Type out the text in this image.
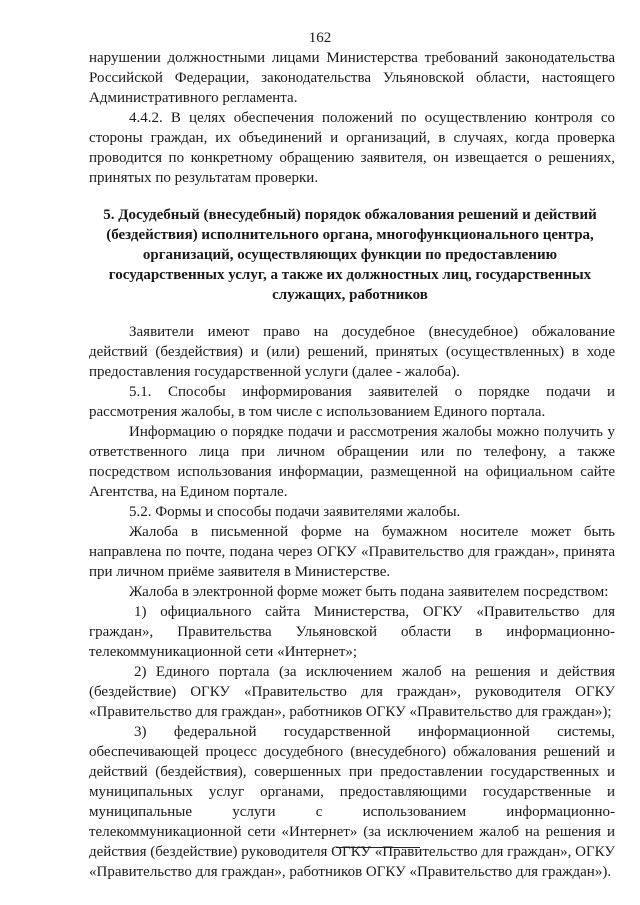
162

нарушении должностными лицами Министерства требований законодательства Российской Федерации, законодательства Ульяновской области, настоящего Административного регламента.

4.4.2. В целях обеспечения положений по осуществлению контроля со стороны граждан, их объединений и организаций, в случаях, когда проверка проводится по конкретному обращению заявителя, он извещается о решениях, принятых по результатам проверки.

5. Досудебный (внесудебный) порядок обжалования решений и действий (бездействия) исполнительного органа, многофункционального центра, организаций, осуществляющих функции по предоставлению государственных услуг, а также их должностных лиц, государственных служащих, работников

Заявители имеют право на досудебное (внесудебное) обжалование действий (бездействия) и (или) решений, принятых (осуществленных) в ходе предоставления государственной услуги (далее - жалоба).

5.1. Способы информирования заявителей о порядке подачи и рассмотрения жалобы, в том числе с использованием Единого портала.

Информацию о порядке подачи и рассмотрения жалобы можно получить у ответственного лица при личном обращении или по телефону, а также посредством использования информации, размещенной на официальном сайте Агентства, на Едином портале.

5.2. Формы и способы подачи заявителями жалобы.

Жалоба в письменной форме на бумажном носителе может быть направлена по почте, подана через ОГКУ «Правительство для граждан», принята при личном приёме заявителя в Министерстве.

Жалоба в электронной форме может быть подана заявителем посредством:

1) официального сайта Министерства, ОГКУ «Правительство для граждан», Правительства Ульяновской области в информационно-телекоммуникационной сети «Интернет»;

2) Единого портала (за исключением жалоб на решения и действия (бездействие) ОГКУ «Правительство для граждан», руководителя ОГКУ «Правительство для граждан», работников ОГКУ «Правительство для граждан»);

3) федеральной государственной информационной системы, обеспечивающей процесс досудебного (внесудебного) обжалования решений и действий (бездействия), совершенных при предоставлении государственных и муниципальных услуг органами, предоставляющими государственные и муниципальные услуги с использованием информационно-телекоммуникационной сети «Интернет» (за исключением жалоб на решения и действия (бездействие) руководителя ОГКУ «Правительство для граждан», ОГКУ «Правительство для граждан», работников ОГКУ «Правительство для граждан»).
